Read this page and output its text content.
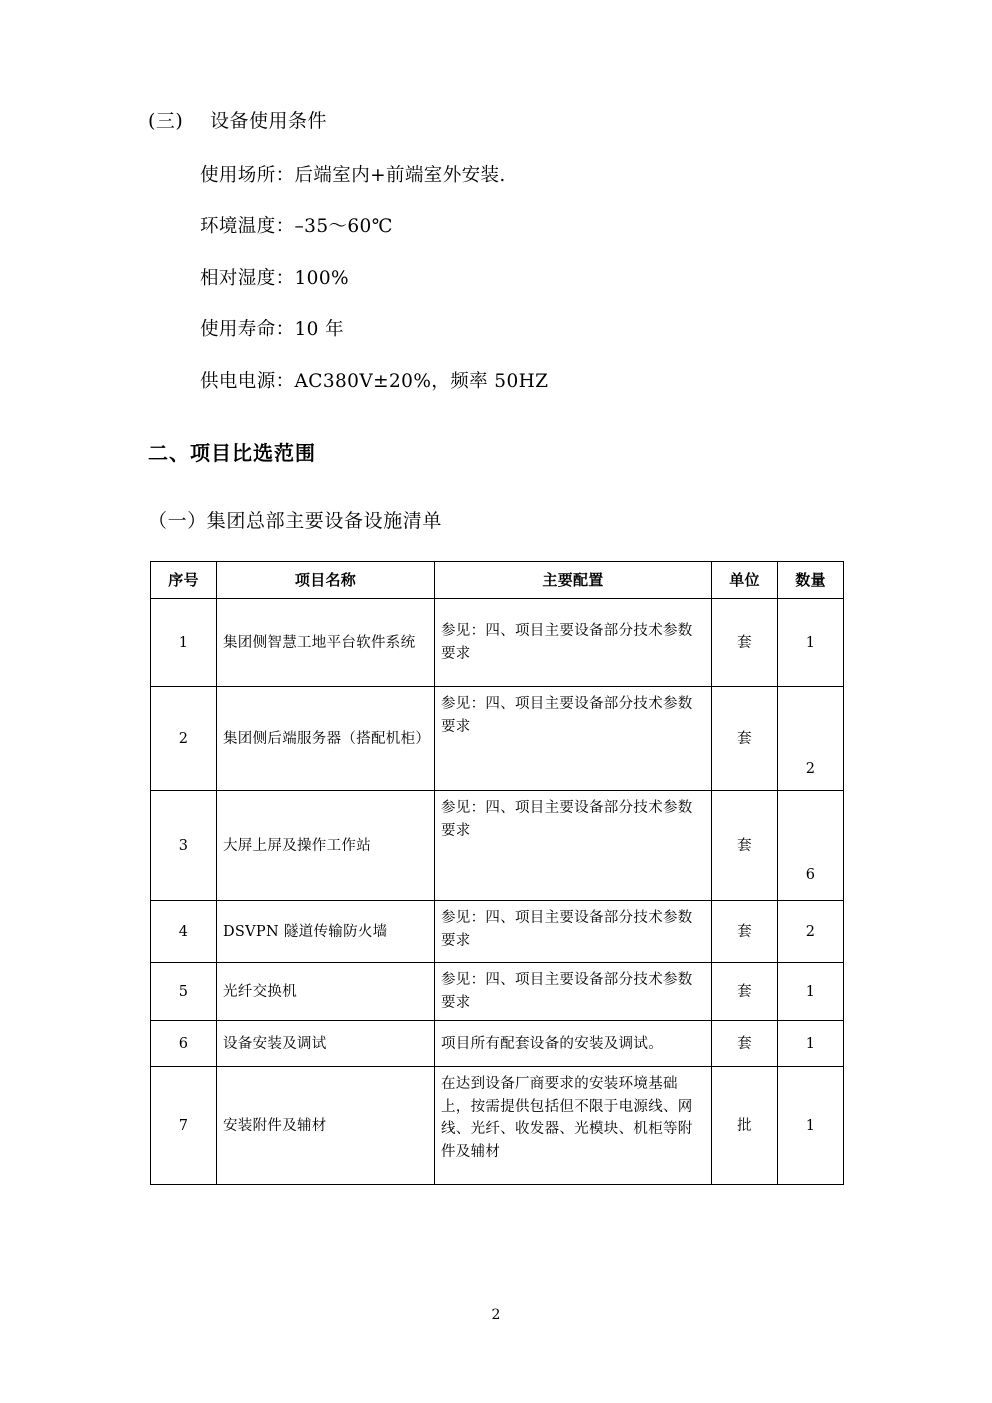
(三) 设备使用条件
使用场所：后端室内+前端室外安装.
环境温度：–35～60℃
相对湿度：100%
使用寿命：10 年
供电电源：AC380V±20%，频率 50HZ
二、项目比选范围
（一）集团总部主要设备设施清单
序号	项目名称	主要配置	单位	数量
1	集团侧智慧工地平台软件系统	参见：四、项目主要设备部分技术参数要求	套	1
2	集团侧后端服务器（搭配机柜）	参见：四、项目主要设备部分技术参数要求	套	2
3	大屏上屏及操作工作站	参见：四、项目主要设备部分技术参数要求	套	6
4	DSVPN 隧道传输防火墙	参见：四、项目主要设备部分技术参数要求	套	2
5	光纤交换机	参见：四、项目主要设备部分技术参数要求	套	1
6	设备安装及调试	项目所有配套设备的安装及调试。	套	1
7	安装附件及辅材	在达到设备厂商要求的安装环境基础上，按需提供包括但不限于电源线、网线、光纤、收发器、光模块、机柜等附件及辅材	批	1
2
